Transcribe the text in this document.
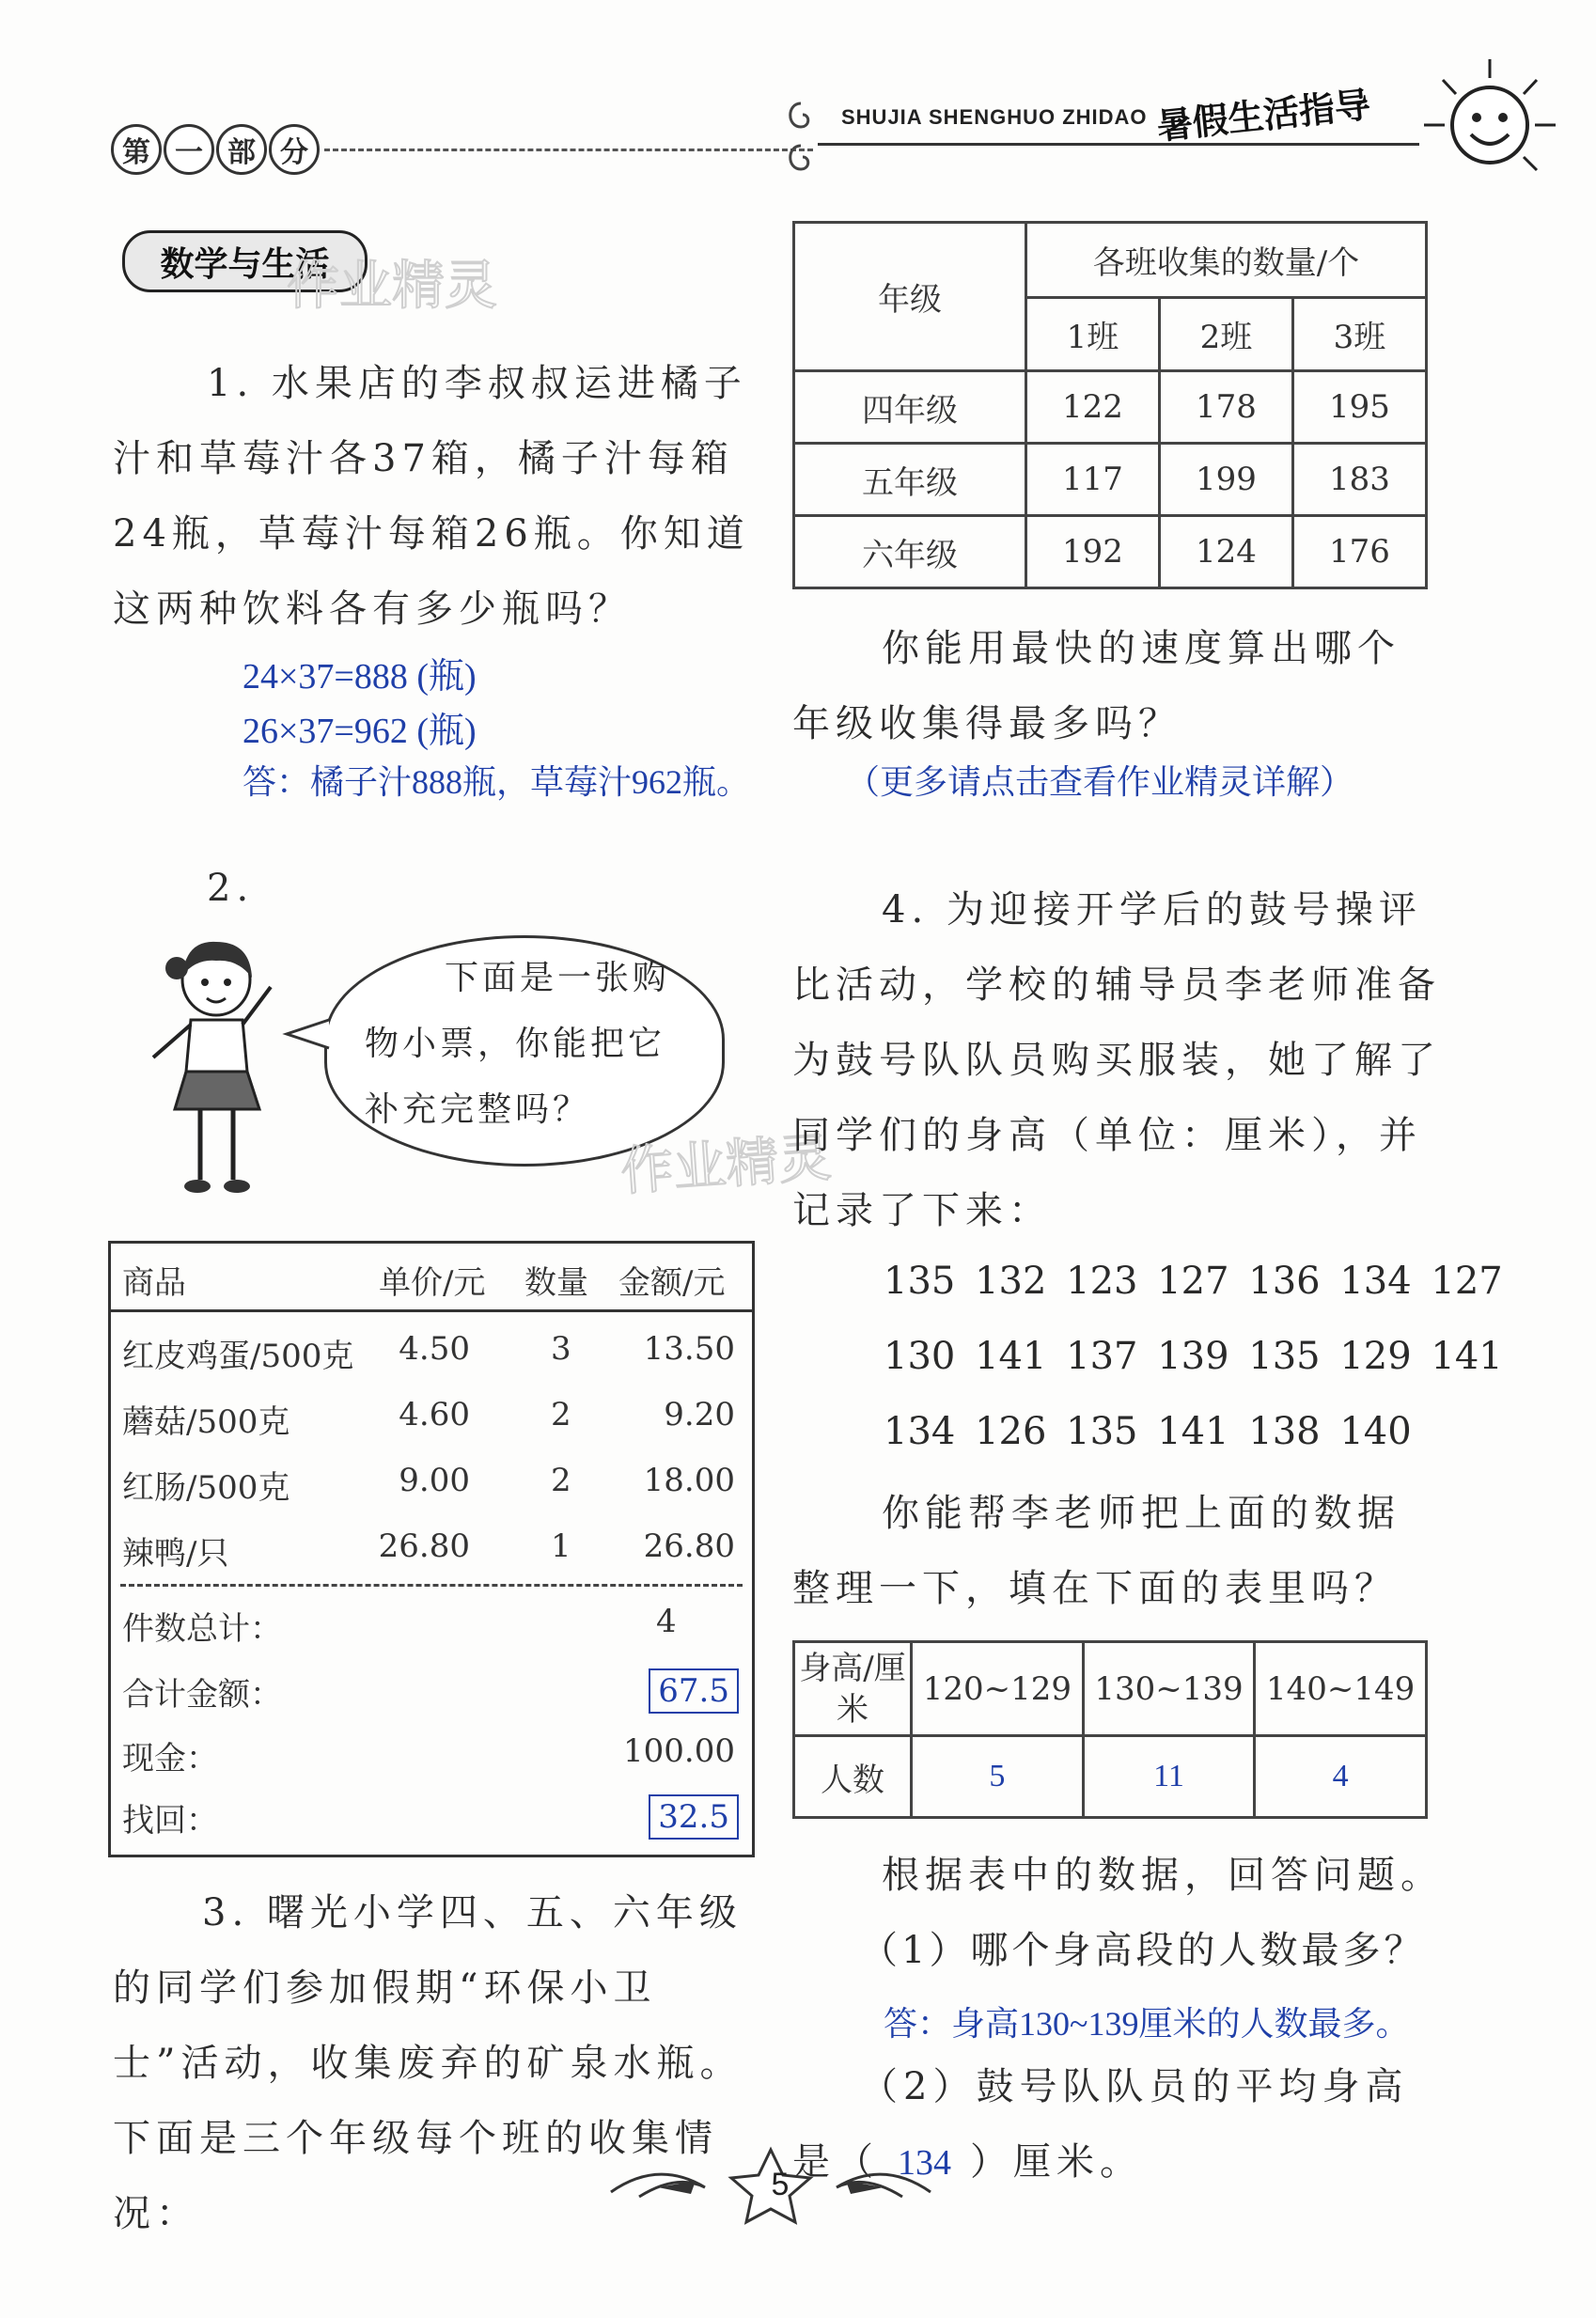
第 一 部 分
SHUJIA SHENGHUO ZHIDAO 暑假生活指导
数学与生活
作业精灵
1. 水果店的李叔叔运进橘子汁和草莓汁各37箱，橘子汁每箱24瓶，草莓汁每箱26瓶。你知道这两种饮料各有多少瓶吗？
24×37=888 (瓶)
26×37=962 (瓶)
答：橘子汁888瓶，草莓汁962瓶。
年级	各班收集的数量/个		
	1班	2班	3班
四年级	122	178	195
五年级	117	199	183
六年级	192	124	176
你能用最快的速度算出哪个年级收集得最多吗？
（更多请点击查看作业精灵详解）
2.
下面是一张购物小票，你能把它补充完整吗？
作业精灵
商品	单价/元 数量 金额/元
红皮鸡蛋/500克 4.50	3 13.50
蘑菇/500克	4.60	2	9.20
红肠/500克	9.00	2 18.00
辣鸭/只	26.80	1 26.80
件数总计：	4
合计金额：	67.5
现金：	100.00
找回：	32.5
3. 曙光小学四、五、六年级的同学们参加假期“环保小卫士”活动，收集废弃的矿泉水瓶。下面是三个年级每个班的收集情况：
4. 为迎接开学后的鼓号操评比活动，学校的辅导员李老师准备为鼓号队队员购买服装，她了解了同学们的身高（单位：厘米），并记录了下来：
135 132 123 127 136 134 127
130 141 137 139 135 129 141
134 126 135 141 138 140
你能帮李老师把上面的数据整理一下，填在下面的表里吗？
身高/厘米	120~129	130~139	140~149
人数	5	11	4
根据表中的数据，回答问题。
（1）哪个身高段的人数最多？
答：身高130~139厘米的人数最多。
（2）鼓号队队员的平均身高是（ 134 ）厘米。
5
